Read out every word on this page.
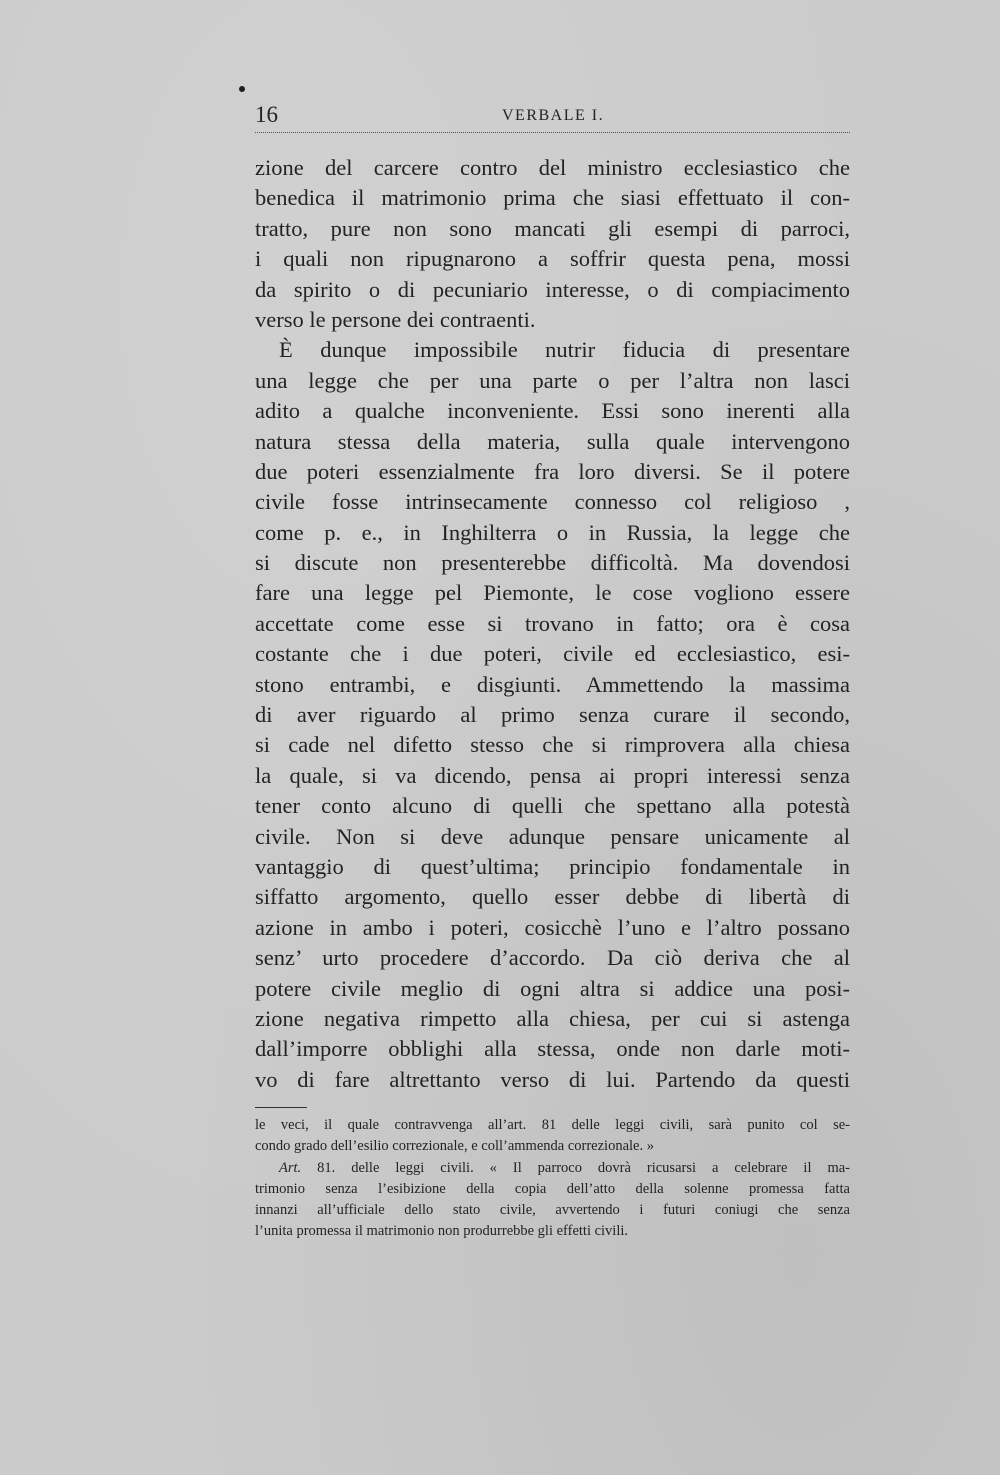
16	VERBALE I.
zione del carcere contro del ministro ecclesiastico che
benedica il matrimonio prima che siasi effettuato il con-
tratto, pure non sono mancati gli esempi di parroci,
i quali non ripugnarono a soffrir questa pena, mossi
da spirito o di pecuniario interesse, o di compiacimento
verso le persone dei contraenti.
È dunque impossibile nutrir fiducia di presentare
una legge che per una parte o per l’altra non lasci
adito a qualche inconveniente. Essi sono inerenti alla
natura stessa della materia, sulla quale intervengono
due poteri essenzialmente fra loro diversi. Se il potere
civile fosse intrinsecamente connesso col religioso ,
come p. e., in Inghilterra o in Russia, la legge che
si discute non presenterebbe difficoltà. Ma dovendosi
fare una legge pel Piemonte, le cose vogliono essere
accettate come esse si trovano in fatto; ora è cosa
costante che i due poteri, civile ed ecclesiastico, esi-
stono entrambi, e disgiunti. Ammettendo la massima
di aver riguardo al primo senza curare il secondo,
si cade nel difetto stesso che si rimprovera alla chiesa
la quale, si va dicendo, pensa ai propri interessi senza
tener conto alcuno di quelli che spettano alla potestà
civile. Non si deve adunque pensare unicamente al
vantaggio di quest’ultima; principio fondamentale in
siffatto argomento, quello esser debbe di libertà di
azione in ambo i poteri, cosicchè l’uno e l’altro possano
senz’ urto procedere d’accordo. Da ciò deriva che al
potere civile meglio di ogni altra si addice una posi-
zione negativa rimpetto alla chiesa, per cui si astenga
dall’imporre obblighi alla stessa, onde non darle moti-
vo di fare altrettanto verso di lui. Partendo da questi
le veci, il quale contravvenga all’art. 81 delle leggi civili, sarà punito col se-
condo grado dell’esilio correzionale, e coll’ammenda correzionale. »
Art. 81. delle leggi civili. « Il parroco dovrà ricusarsi a celebrare il ma-
trimonio senza l’esibizione della copia dell’atto della solenne promessa fatta
innanzi all’ufficiale dello stato civile, avvertendo i futuri coniugi che senza
l’unita promessa il matrimonio non produrrebbe gli effetti civili.
